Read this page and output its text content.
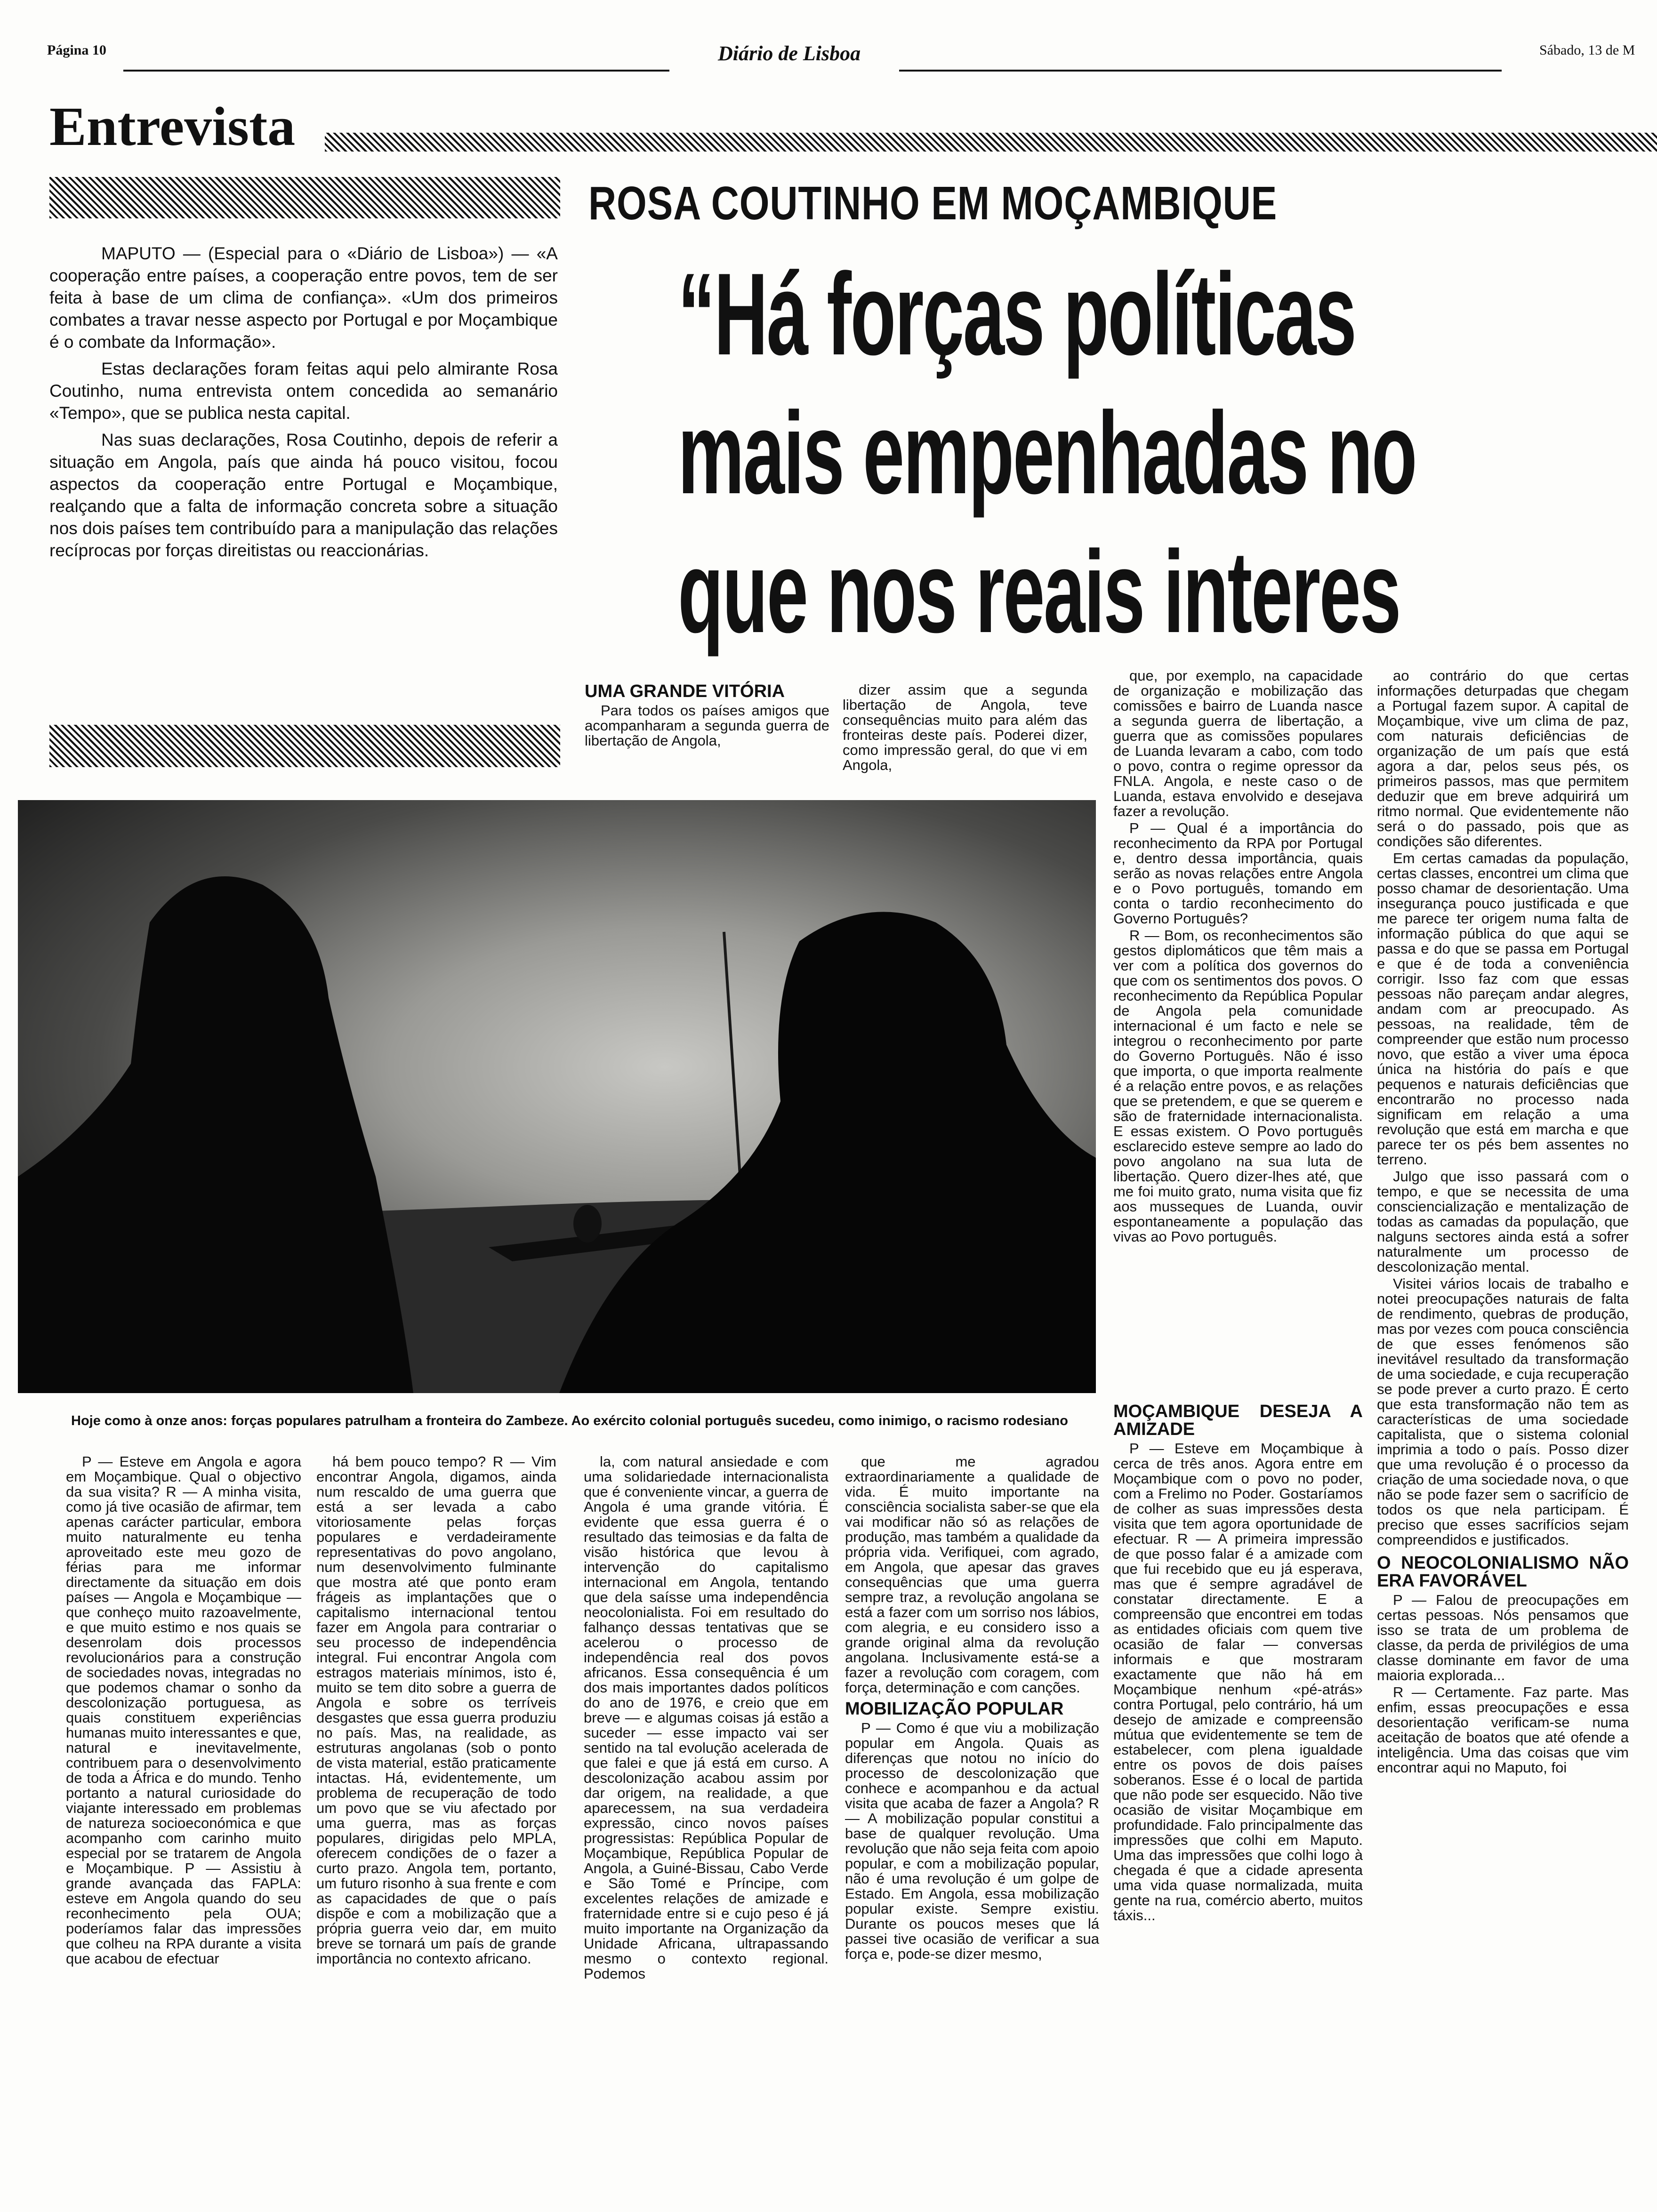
Página 10	Diário de Lisboa	Sábado, 13 de M
Entrevista
ROSA COUTINHO EM MOÇAMBIQUE
“Há forças políticas
mais empenhadas no
que nos reais interes

MAPUTO — (Especial para o «Diário de Lisboa») — «A cooperação entre países, a cooperação entre povos, tem de ser feita à base de um clima de confiança». «Um dos primeiros combates a travar nesse aspecto por Portugal e por Moçambique é o combate da Informação».

Estas declarações foram feitas aqui pelo almirante Rosa Coutinho, numa entrevista ontem concedida ao semanário «Tempo», que se publica nesta capital.

Nas suas declarações, Rosa Coutinho, depois de referir a situação em Angola, país que ainda há pouco visitou, focou aspectos da cooperação entre Portugal e Moçambique, realçando que a falta de informação concreta sobre a situação nos dois países tem contribuído para a manipulação das relações recíprocas por forças direitistas ou reaccionárias.

UMA GRANDE VITÓRIA

Para todos os países amigos que acompanharam a segunda guerra de libertação de Angola,

dizer assim que a segunda libertação de Angola, teve consequências muito para além das fronteiras deste país. Poderei dizer, como impressão geral, do que vi em Angola,

que, por exemplo, na capacidade de organização e mobilização das comissões e bairro de Luanda nasce a segunda guerra de libertação, a guerra que as comissões populares de Luanda levaram a cabo, com todo o povo, contra o regime opressor da FNLA. Angola, e neste caso o de Luanda, estava envolvido e desejava fazer a revolução.

P — Qual é a importância do reconhecimento da RPA por Portugal e, dentro dessa importância, quais serão as novas relações entre Angola e o Povo português, tomando em conta o tardio reconhecimento do Governo Português?

R — Bom, os reconhecimentos são gestos diplomáticos que têm mais a ver com a política dos governos do que com os sentimentos dos povos. O reconhecimento da República Popular de Angola pela comunidade internacional é um facto e nele se integrou o reconhecimento por parte do Governo Português. Não é isso que importa, o que importa realmente é a relação entre povos, e as relações que se pretendem, e que se querem e são de fraternidade internacionalista. E essas existem. O Povo português esclarecido esteve sempre ao lado do povo angolano na sua luta de libertação. Quero dizer-lhes até, que me foi muito grato, numa visita que fiz aos musseques de Luanda, ouvir espontaneamente a população das vivas ao Povo português.

ao contrário do que certas informações deturpadas que chegam a Portugal fazem supor. A capital de Moçambique, vive um clima de paz, com naturais deficiências de organização de um país que está agora a dar, pelos seus pés, os primeiros passos, mas que permitem deduzir que em breve adquirirá um ritmo normal. Que evidentemente não será o do passado, pois que as condições são diferentes.

Em certas camadas da população, certas classes, encontrei um clima que posso chamar de desorientação. Uma insegurança pouco justificada e que me parece ter origem numa falta de informação pública do que aqui se passa e do que se passa em Portugal e que é de toda a conveniência corrigir. Isso faz com que essas pessoas não pareçam andar alegres, andam com ar preocupado. As pessoas, na realidade, têm de compreender que estão num processo novo, que estão a viver uma época única na história do país e que pequenos e naturais deficiências que encontrarão no processo nada significam em relação a uma revolução que está em marcha e que parece ter os pés bem assentes no terreno.

Julgo que isso passará com o tempo, e que se necessita de uma consciencialização e mentalização de todas as camadas da população, que nalguns sectores ainda está a sofrer naturalmente um processo de descolonização mental.

Visitei vários locais de trabalho e notei preocupações naturais de falta de rendimento, quebras de produção, mas por vezes com pouca consciência de que esses fenómenos são inevitável resultado da transformação de uma sociedade, e cuja recuperação se pode prever a curto prazo. É certo que esta transformação não tem as características de uma sociedade capitalista, que o sistema colonial imprimia a todo o país. Posso dizer que uma revolução é o processo da criação de uma sociedade nova, o que não se pode fazer sem o sacrifício de todos os que nela participam. É preciso que esses sacrifícios sejam compreendidos e justificados.

O NEOCOLONIALISMO NÃO ERA FAVORÁVEL

P — Falou de preocupações em certas pessoas. Nós pensamos que isso se trata de um problema de classe, da perda de privilégios de uma classe dominante em favor de uma maioria explorada...

R — Certamente. Faz parte. Mas enfim, essas preocupações e essa desorientação verificam-se numa aceitação de boatos que até ofende a inteligência. Uma das coisas que vim encontrar aqui no Maputo, foi

Hoje como à onze anos: forças populares patrulham a fronteira do Zambeze. Ao exército colonial português sucedeu, como inimigo, o racismo rodesiano	MOÇAMBIQUE DESEJA A AMIZADE

P — Esteve em Moçambique à cerca de três anos. Agora entre em Moçambique com o povo no poder, com a Frelimo no Poder. Gostaríamos de colher as suas impressões desta visita que tem agora oportunidade de efectuar. R — A primeira impressão de que posso falar é a amizade com que fui recebido que eu já esperava, mas que é sempre agradável de constatar directamente. E a compreensão que encontrei em todas as entidades oficiais com quem tive ocasião de falar — conversas informais e que mostraram exactamente que não há em Moçambique nenhum «pé-atrás» contra Portugal, pelo contrário, há um desejo de amizade e compreensão mútua que evidentemente se tem de estabelecer, com plena igualdade entre os povos de dois países soberanos. Esse é o local de partida que não pode ser esquecido. Não tive ocasião de visitar Moçambique em profundidade. Falo principalmente das impressões que colhi em Maputo. Uma das impressões que colhi logo à chegada é que a cidade apresenta uma vida quase normalizada, muita gente na rua, comércio aberto, muitos táxis...

P — Esteve em Angola e agora em Moçambique. Qual o objectivo da sua visita? R — A minha visita, como já tive ocasião de afirmar, tem apenas carácter particular, embora muito naturalmente eu tenha aproveitado este meu gozo de férias para me informar directamente da situação em dois países — Angola e Moçambique — que conheço muito razoavelmente, e que muito estimo e nos quais se desenrolam dois processos revolucionários para a construção de sociedades novas, integradas no que podemos chamar o sonho da descolonização portuguesa, as quais constituem experiências humanas muito interessantes e que, natural e inevitavelmente, contribuem para o desenvolvimento de toda a África e do mundo. Tenho portanto a natural curiosidade do viajante interessado em problemas de natureza socioeconómica e que acompanho com carinho muito especial por se tratarem de Angola e Moçambique. P — Assistiu à grande avançada das FAPLA: esteve em Angola quando do seu reconhecimento pela OUA; poderíamos falar das impressões que colheu na RPA durante a visita que acabou de efectuar

há bem pouco tempo? R — Vim encontrar Angola, digamos, ainda num rescaldo de uma guerra que está a ser levada a cabo vitoriosamente pelas forças populares e verdadeiramente representativas do povo angolano, num desenvolvimento fulminante que mostra até que ponto eram frágeis as implantações que o capitalismo internacional tentou fazer em Angola para contrariar o seu processo de independência integral. Fui encontrar Angola com estragos materiais mínimos, isto é, muito se tem dito sobre a guerra de Angola e sobre os terríveis desgastes que essa guerra produziu no país. Mas, na realidade, as estruturas angolanas (sob o ponto de vista material, estão praticamente intactas. Há, evidentemente, um problema de recuperação de todo um povo que se viu afectado por uma guerra, mas as forças populares, dirigidas pelo MPLA, oferecem condições de o fazer a curto prazo. Angola tem, portanto, um futuro risonho à sua frente e com as capacidades de que o país dispõe e com a mobilização que a própria guerra veio dar, em muito breve se tornará um país de grande importância no contexto africano.

la, com natural ansiedade e com uma solidariedade internacionalista que é conveniente vincar, a guerra de Angola é uma grande vitória. É evidente que essa guerra é o resultado das teimosias e da falta de visão histórica que levou à intervenção do capitalismo internacional em Angola, tentando que dela saísse uma independência neocolonialista. Foi em resultado do falhanço dessas tentativas que se acelerou o processo de independência real dos povos africanos. Essa consequência é um dos mais importantes dados políticos do ano de 1976, e creio que em breve — e algumas coisas já estão a suceder — esse impacto vai ser sentido na tal evolução acelerada de que falei e que já está em curso. A descolonização acabou assim por dar origem, na realidade, a que aparecessem, na sua verdadeira expressão, cinco novos países progressistas: República Popular de Moçambique, República Popular de Angola, a Guiné-Bissau, Cabo Verde e São Tomé e Príncipe, com excelentes relações de amizade e fraternidade entre si e cujo peso é já muito importante na Organização da Unidade Africana, ultrapassando mesmo o contexto regional. Podemos

que me agradou extraordinariamente a qualidade de vida. É muito importante na consciência socialista saber-se que ela vai modificar não só as relações de produção, mas também a qualidade da própria vida. Verifiquei, com agrado, em Angola, que apesar das graves consequências que uma guerra sempre traz, a revolução angolana se está a fazer com um sorriso nos lábios, com alegria, e eu considero isso a grande original alma da revolução angolana. Inclusivamente está-se a fazer a revolução com coragem, com força, determinação e com canções.

MOBILIZAÇÃO POPULAR

P — Como é que viu a mobilização popular em Angola. Quais as diferenças que notou no início do processo de descolonização que conhece e acompanhou e da actual visita que acaba de fazer a Angola? R — A mobilização popular constitui a base de qualquer revolução. Uma revolução que não seja feita com apoio popular, e com a mobilização popular, não é uma revolução é um golpe de Estado. Em Angola, essa mobilização popular existe. Sempre existiu. Durante os poucos meses que lá passei tive ocasião de verificar a sua força e, pode-se dizer mesmo,
